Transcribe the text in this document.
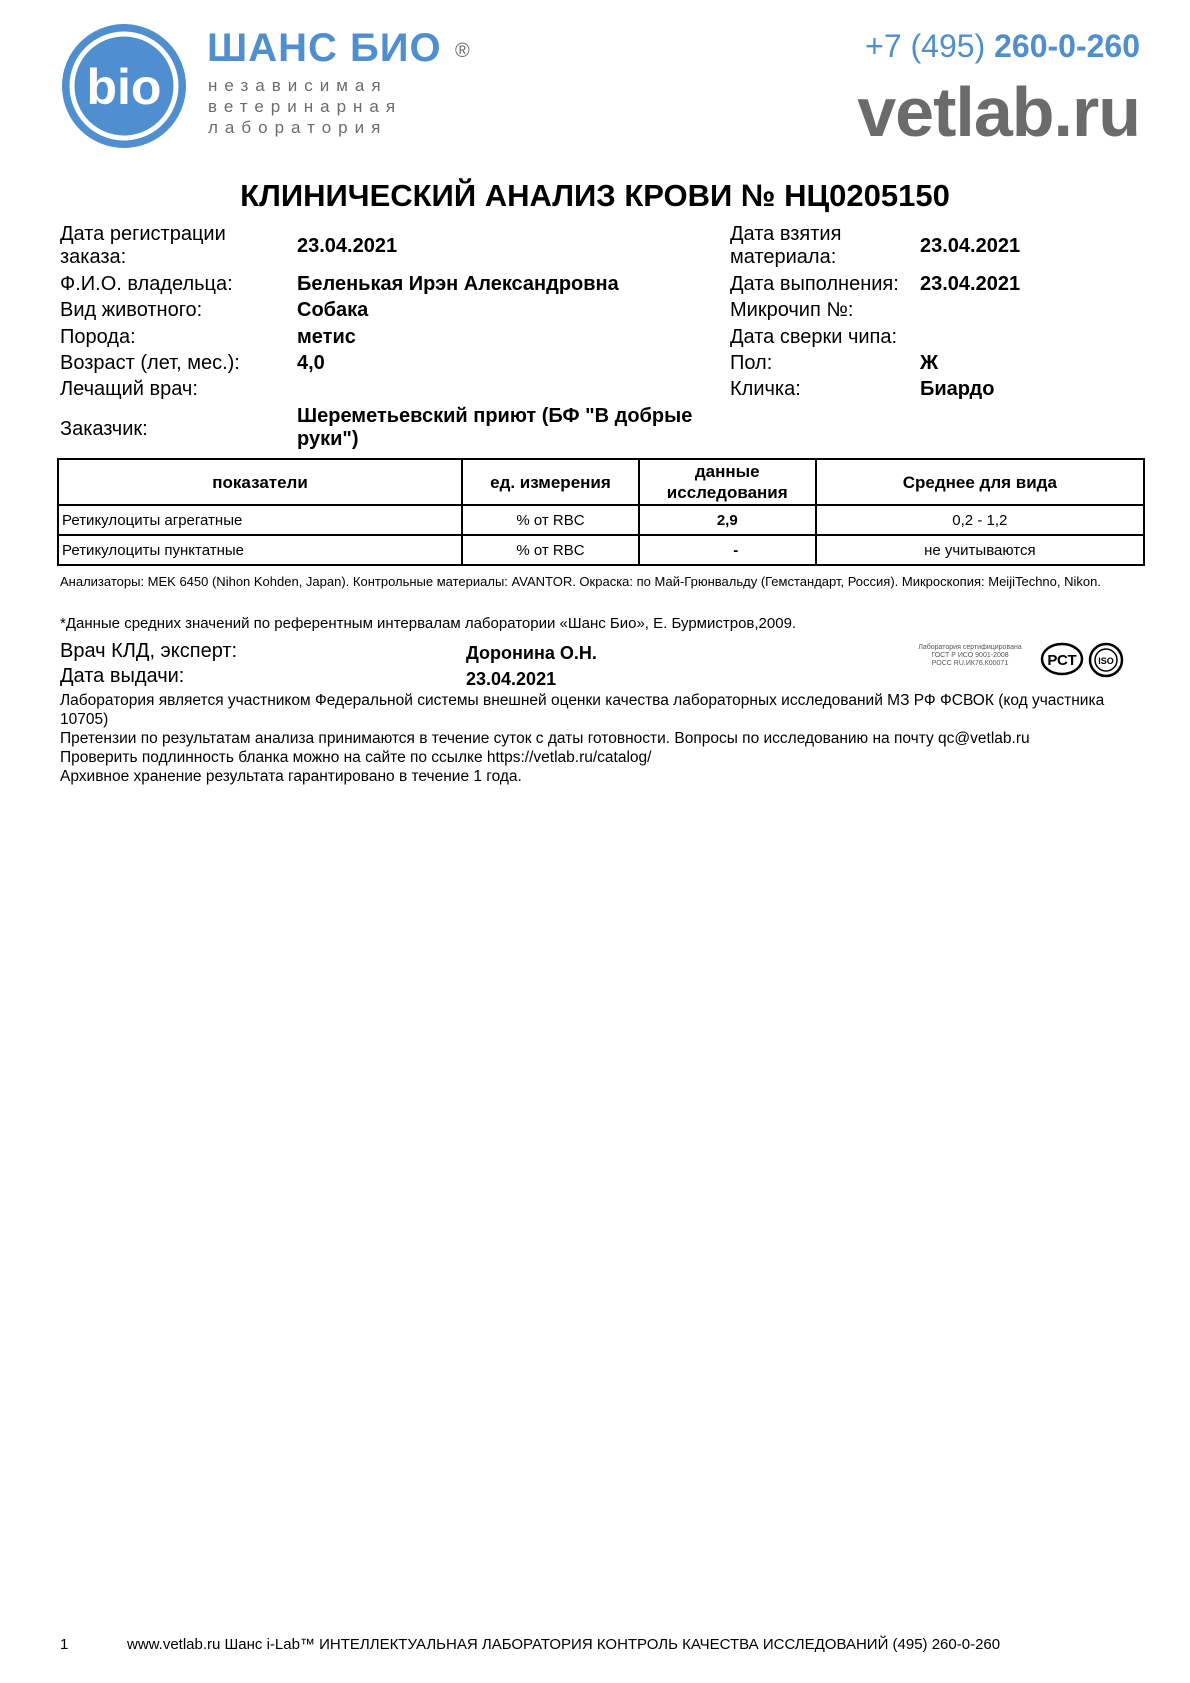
bio
ШАНС БИО ®
независимая
ветеринарная
лаборатория
+7 (495) 260-0-260
vetlab.ru
КЛИНИЧЕСКИЙ АНАЛИЗ КРОВИ № НЦ0205150
Дата регистрации заказа:	23.04.2021
Ф.И.О. владельца:	Беленькая Ирэн Александровна
Вид животного:	Собака
Порода:	метис
Возраст (лет, мес.):	4,0
Лечащий врач:
Заказчик:
Шереметьевский приют (БФ "В добрые руки")
Дата взятия материала:	23.04.2021
Дата выполнения: 23.04.2021
Микрочип №:
Дата сверки чипа:
Пол:	Ж
Кличка:	Биардо
показатели	ед. измерения	данные исследования	Среднее для вида
Ретикулоциты агрегатные	% от RBC	2,9	0,2 - 1,2
Ретикулоциты пунктатные	% от RBC	-	не учитываются
Анализаторы: MEK 6450 (Nihon Kohden, Japan). Контрольные материалы: AVANTOR. Окраска: по Май-Грюнвальду (Гемстандарт, Россия). Микроскопия: MeijiTechno, Nikon.
*Данные средних значений по референтным интервалам лаборатории «Шанс Био», Е. Бурмистров,2009.
Врач КЛД, эксперт:	Доронина О.Н.
Дата выдачи:	23.04.2021
Лаборатория сертифицирована
ГОСТ Р ИСО 9001-2008
РОСС RU.ИК76.К00071	РСТ ISO
Лаборатория является участником Федеральной системы внешней оценки качества лабораторных исследований МЗ РФ ФСВОК (код участника 10705)
Претензии по результатам анализа принимаются в течение суток с даты готовности. Вопросы по исследованию на почту qc@vetlab.ru
Проверить подлинность бланка можно на сайте по ссылке https://vetlab.ru/catalog/
Архивное хранение результата гарантировано в течение 1 года.
1	www.vetlab.ru Шанс i-Lab™ ИНТЕЛЛЕКТУАЛЬНАЯ ЛАБОРАТОРИЯ КОНТРОЛЬ КАЧЕСТВА ИССЛЕДОВАНИЙ (495) 260-0-260
